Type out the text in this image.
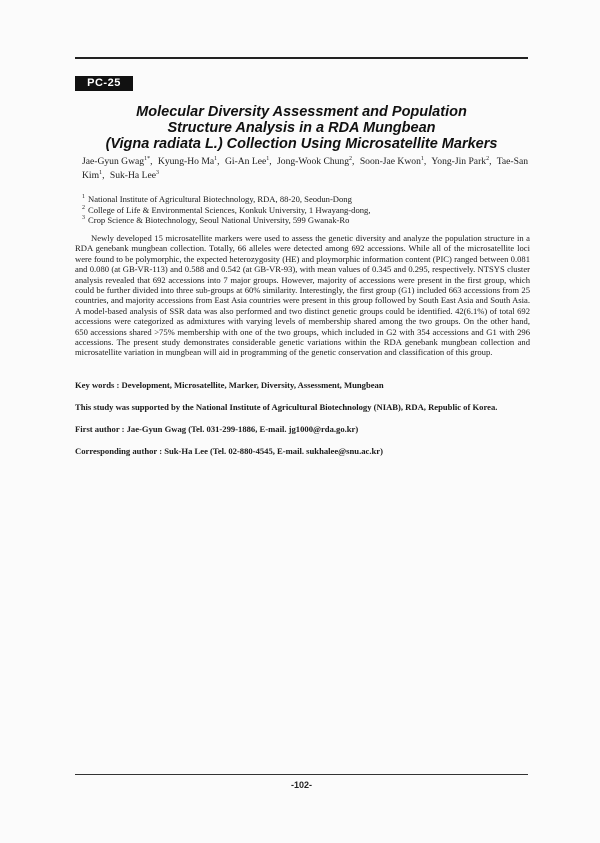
PC-25
Molecular Diversity Assessment and Population
Structure Analysis in a RDA Mungbean
(Vigna radiata L.) Collection Using Microsatellite Markers
Jae-Gyun Gwag$^{1*}$, Kyung-Ho Ma$^1$, Gi-An Lee$^1$, Jong-Wook Chung$^2$, Soon-Jae Kwon$^1$, Yong-Jin Park$^2$, Tae-San Kim$^1$, Suk-Ha Lee$^3$
$^1$ National Institute of Agricultural Biotechnology, RDA, 88-20, Seodun-Dong
$^2$ College of Life & Environmental Sciences, Konkuk University, 1 Hwayang-dong,
$^3$ Crop Science & Biotechnology, Seoul National University, 599 Gwanak-Ro

Newly developed 15 microsatellite markers were used to assess the genetic diversity and analyze the population structure in a RDA genebank mungbean collection. Totally, 66 alleles were detected among 692 accessions. While all of the microsatellite loci were found to be polymorphic, the expected heterozygosity (HE) and ploymorphic information content (PIC) ranged between 0.081 and 0.080 (at GB-VR-113) and 0.588 and 0.542 (at GB-VR-93), with mean values of 0.345 and 0.295, respectively. NTSYS cluster analysis revealed that 692 accessions into 7 major groups. However, majority of accessions were present in the first group, which could be further divided into three sub-groups at 60% similarity. Interestingly, the first group (G1) included 663 accessions from 25 countries, and majority accessions from East Asia countries were present in this group followed by South East Asia and South Asia. A model-based analysis of SSR data was also performed and two distinct genetic groups could be identified. 42(6.1%) of total 692 accessions were categorized as admixtures with varying levels of membership shared among the two groups. On the other hand, 650 accessions shared >75% membership with one of the two groups, which included in G2 with 354 accessions and G1 with 296 accessions. The present study demonstrates considerable genetic variations within the RDA genebank mungbean collection and microsatellite variation in mungbean will aid in programming of the genetic conservation and classification of this group.

Key words : Development, Microsatellite, Marker, Diversity, Assessment, Mungbean
This study was supported by the National Institute of Agricultural Biotechnology (NIAB), RDA, Republic of Korea.
First author : Jae-Gyun Gwag (Tel. 031-299-1886, E-mail. jg1000@rda.go.kr)
Corresponding author : Suk-Ha Lee (Tel. 02-880-4545, E-mail. sukhalee@snu.ac.kr)
-102-
